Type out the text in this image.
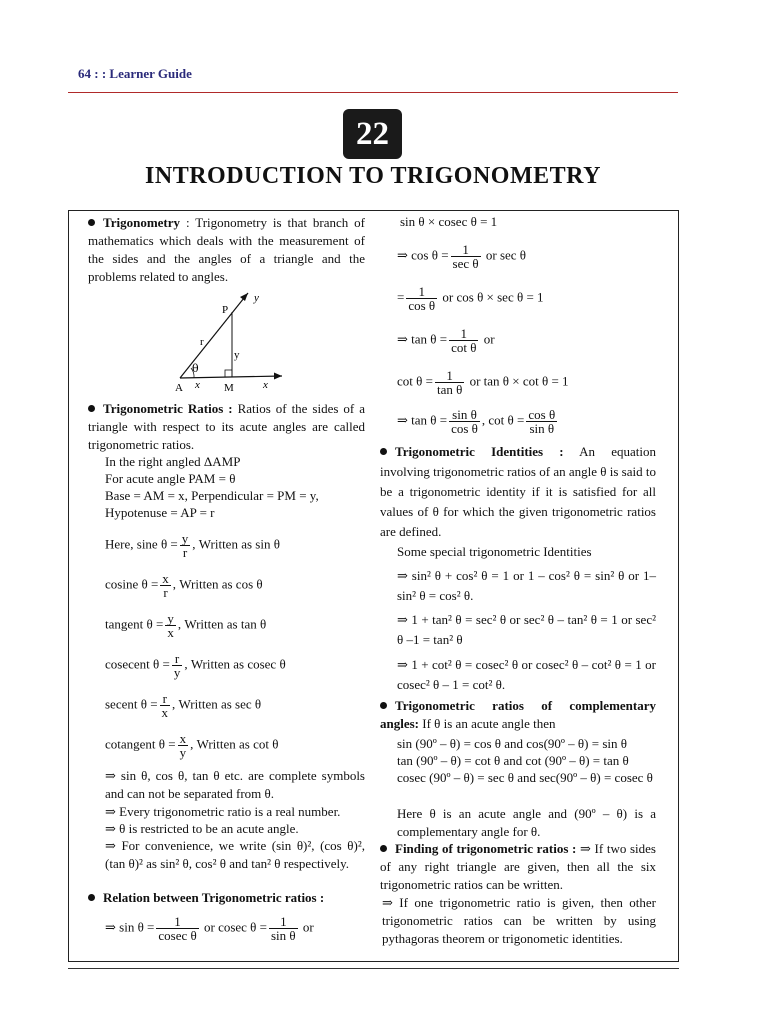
64 : : Learner Guide
22
INTRODUCTION TO TRIGONOMETRY
Trigonometry : Trigonometry is that branch of mathematics which deals with the measurement of the sides and the angles of a triangle and the problems related to angles.
P
y
r
y
θ
A x M	x
Trigonometric Ratios : Ratios of the sides of a triangle with respect to its acute angles are called trigonometric ratios.
In the right angled ΔAMP
For acute angle PAM = θ
Base = AM = x, Perpendicular = PM = y,
Hypotenuse = AP = r
Here, sine $\theta = \frac{y}{r}$ , Written as sin θ
cosine $\theta = \frac{x}{r}$ , Written as cos θ
tangent $\theta = \frac{y}{x}$ , Written as tan θ
cosecent $\theta = \frac{r}{y}$ , Written as cosec θ
secent $\theta = \frac{r}{x}$ , Written as sec θ
cotangent $\theta = \frac{x}{y}$ , Written as cot θ
⇒ sin θ, cos θ, tan θ etc. are complete symbols and can not be separated from θ.
⇒ Every trigonometric ratio is a real number.
⇒ θ is restricted to be an acute angle.
⇒ For convenience, we write (sin θ)², (cos θ)², (tan θ)² as sin² θ, cos² θ and tan² θ respectively.
Relation between Trigonometric ratios :
⇒ $\sin \theta = \frac{1}{\text{cosec θ}}$ or cosec $\theta = \frac{1}{\text{sin θ}}$ or
sin θ × cosec θ = 1
⇒ $\cos \theta = \frac{1}{\text{sec θ}}$ or sec θ
= $\frac{1}{\text{cos θ}}$ or cos θ × sec θ = 1
⇒ $\tan \theta = \frac{1}{\text{cot θ}}$ or
$\cot \theta = \frac{1}{\text{tan θ}}$ or tan θ × cot θ = 1
⇒ $\tan \theta = \frac{\text{sin θ}}{\text{cos θ}}$ , $\cot \theta = \frac{\text{cos θ}}{\text{sin θ}}$
Trigonometric Identities : An equation involving trigonometric ratios of an angle θ is said to be a trigonometric identity if it is satisfied for all values of θ for which the given trigonometric ratios are defined.
Some special trigonometric Identities
⇒ sin² θ + cos² θ = 1 or 1 – cos² θ = sin² θ or 1– sin² θ = cos² θ.
⇒ 1 + tan² θ = sec² θ or sec² θ – tan² θ = 1 or sec² θ –1 = tan² θ
⇒ 1 + cot² θ = cosec² θ or cosec² θ – cot² θ = 1 or cosec² θ – 1 = cot² θ.
Trigonometric ratios of complementary angles: If θ is an acute angle then
sin (90º – θ) = cos θ and cos(90º – θ) = sin θ
tan (90º – θ) = cot θ and cot (90º – θ) = tan θ
cosec (90º – θ) = sec θ and sec(90º – θ) = cosec θ
Here θ is an acute angle and (90º – θ) is a complementary angle for θ.
Finding of trigonometric ratios : ⇒ If two sides of any right triangle are given, then all the six trigonometric ratios can be written.
⇒ If one trigonometric ratio is given, then other trigonometric ratios can be written by using pythagoras theorem or trigonometic identities.
